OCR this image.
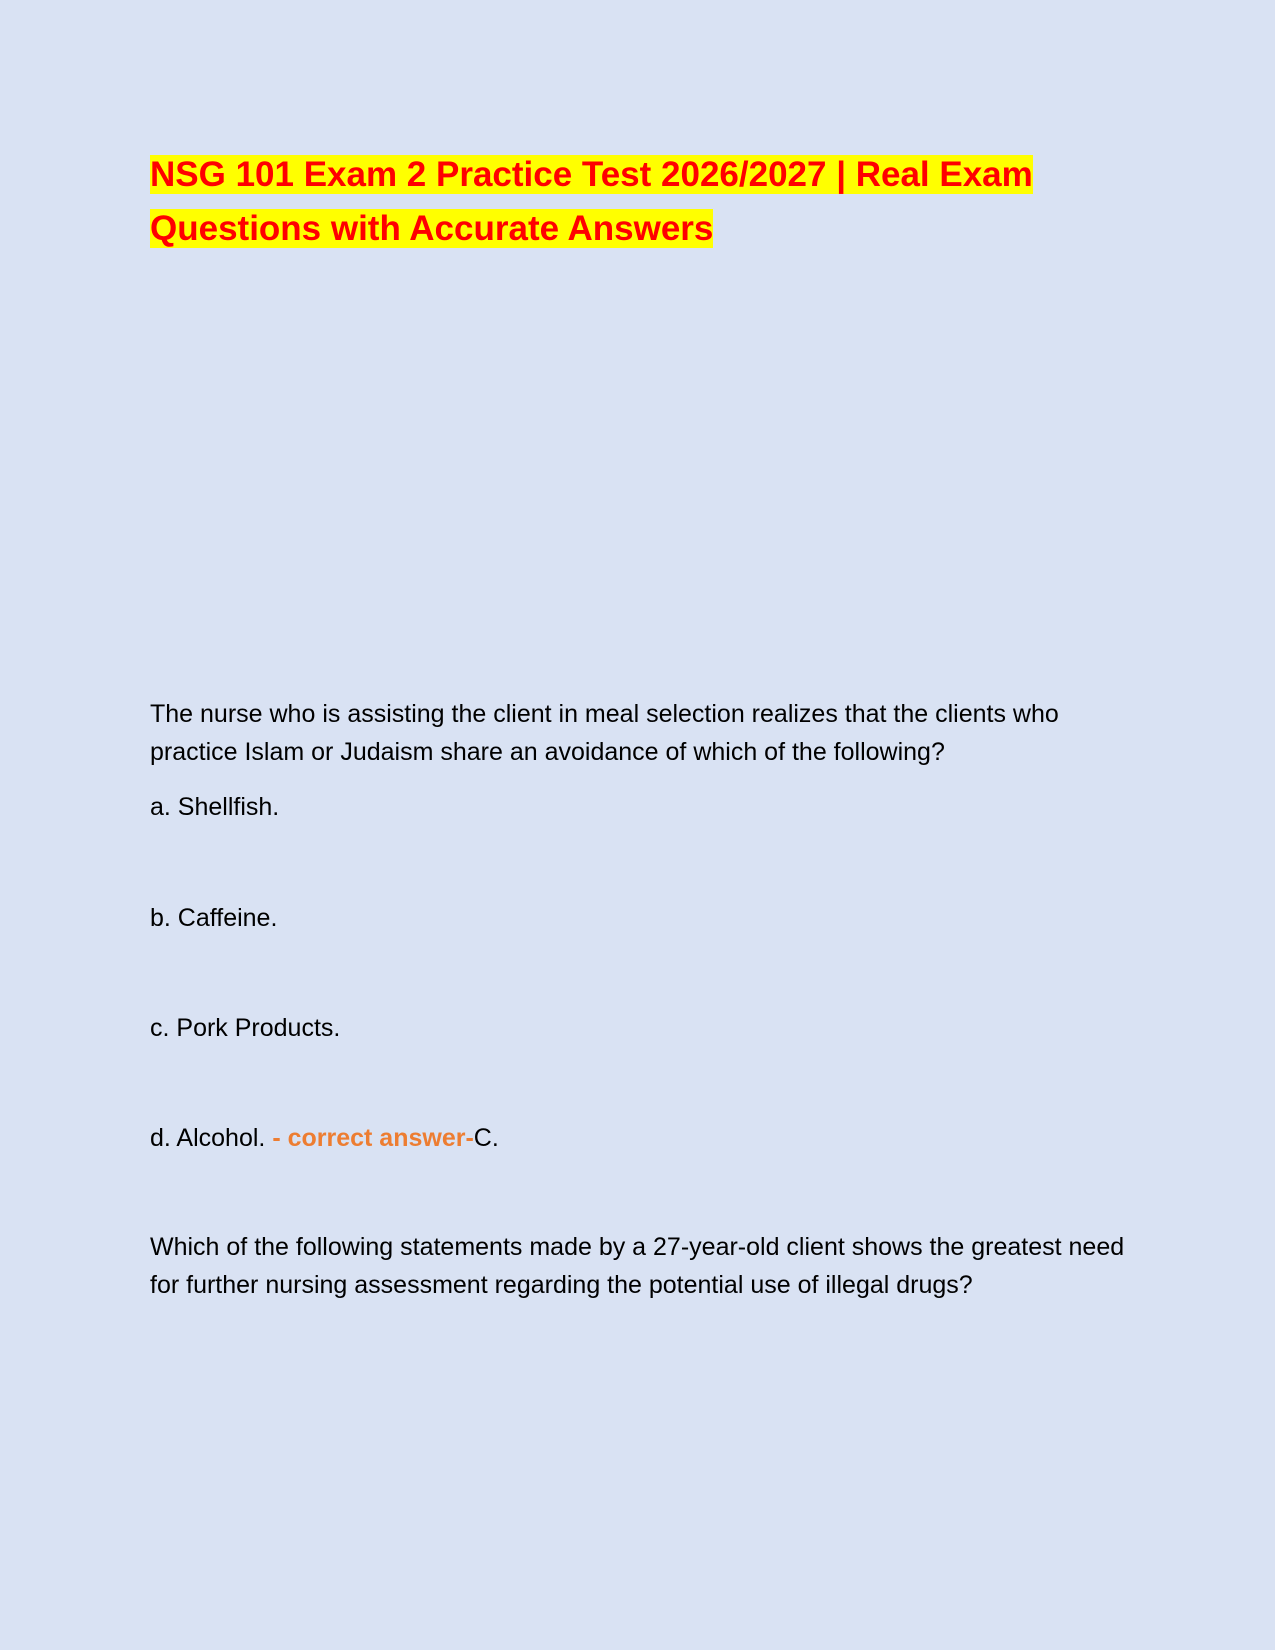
NSG 101 Exam 2 Practice Test 2026/2027 | Real Exam
Questions with Accurate Answers

The nurse who is assisting the client in meal selection realizes that the clients who practice Islam or Judaism share an avoidance of which of the following?

a. Shellfish.

b. Caffeine.

c. Pork Products.

d. Alcohol. - correct answer-C.

Which of the following statements made by a 27-year-old client shows the greatest need for further nursing assessment regarding the potential use of illegal drugs?
